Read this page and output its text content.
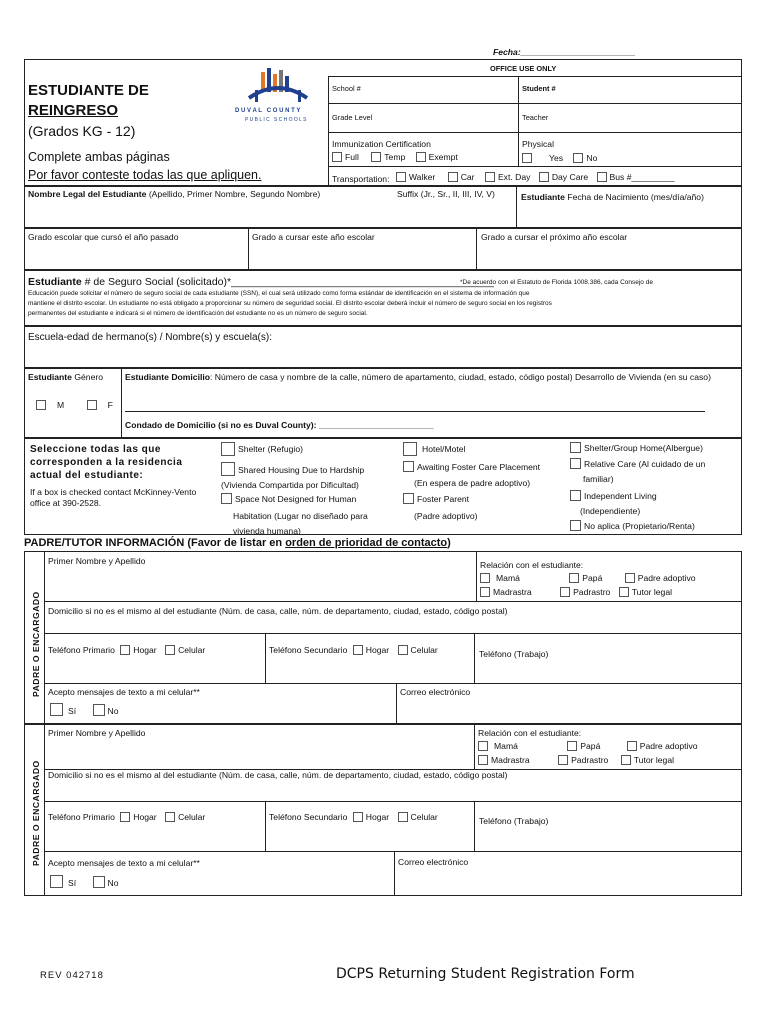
Fecha:________________________
OFFICE USE ONLY
ESTUDIANTE DE
REINGRESO
(Grados KG - 12)
Complete ambas páginas
Por favor conteste todas las que apliquen.
D U V A L   C O U N T Y
P U B L I C   S C H O O L S
School #	Student #
Grade Level	Teacher
Immunization Certification
Full
	Temp
	Exempt
Physical
Yes
	No
Transportation: Walker
	Car
	Ext. Day
Day Care
Bus #_________
Nombre Legal del Estudiante (Apellido, Primer Nombre, Segundo Nombre)	Suffix (Jr., Sr., II, III, IV, V)	Estudiante Fecha de Nacimiento (mes/día/año)
Grado escolar que cursó el año pasado	Grado a cursar este año escolar	Grado a cursar el próximo año escolar
Estudiante # de Seguro Social (solicitado)*_____________________________________________
*De acuerdo con el Estatuto de Florida 1008.386, cada Consejo de
Educación puede solicitar el número de seguro social de cada estudiante (SSN), el cual será utilizado como forma estándar de identificación en el sistema de información que
mantiene el distrito escolar. Un estudiante no está obligado a proporcionar su número de seguridad social. El distrito escolar deberá incluir el número de seguro social en los registros
permanentes del estudiante e indicará si el número de identificación del estudiante no es un número de seguro social.
Escuela-edad de hermano(s) / Nombre(s) y escuela(s):
Estudiante Género
M
	F
Estudiante Domicilio: Número de casa y nombre de la calle, número de apartamento, ciudad, estado, código postal) Desarrollo de Vivienda (en su caso)
Condado de Domicilio (si no es Duval County): ________________________
Seleccione todas las que corresponden a la residencia actual del estudiante:
If a box is checked contact McKinney-Vento office at 390-2528.
Shelter (Refugio)
Shared Housing Due to Hardship
(Vivienda Compartida por Dificultad)
Space Not Designed for Human
Habitation (Lugar no diseñado para
vivienda humana)
Hotel/Motel
Awaiting Foster Care Placement
(En espera de padre adoptivo)
Foster Parent
(Padre adoptivo)
Shelter/Group Home(Albergue)
Relative Care (Al cuidado de un
familiar)
Independent Living
(Independiente)
No aplica (Propietario/Renta)
PADRE/TUTOR INFORMACIÓN (Favor de listar en orden de prioridad de contacto)
PADRE O ENCARGADO
Primer Nombre y Apellido	Relación con el estudiante:
Mamá	Papá	Padre adoptivo
Madrastra	Padrastro Tutor legal
Domicilio si no es el mismo al del estudiante (Núm. de casa, calle, núm. de departamento, ciudad, estado, código postal)
Teléfono Primario Hogar Celular	Teléfono Secundario Hogar Celular	Teléfono (Trabajo)
Acepto mensajes de texto a mi celular**
Sí	No
Correo electrónico
PADRE O ENCARGADO
Primer Nombre y Apellido	Relación con el estudiante:
Mamá	Papá	Padre adoptivo
Madrastra	Padrastro	Tutor legal
Domicilio si no es el mismo al del estudiante (Núm. de casa, calle, núm. de departamento, ciudad, estado, código postal)
Teléfono Primario Hogar Celular	Teléfono Secundario Hogar Celular	Teléfono (Trabajo)
Acepto mensajes de texto a mi celular**
Sí	No
Correo electrónico
REV 042718	DCPS Returning Student Registration Form
